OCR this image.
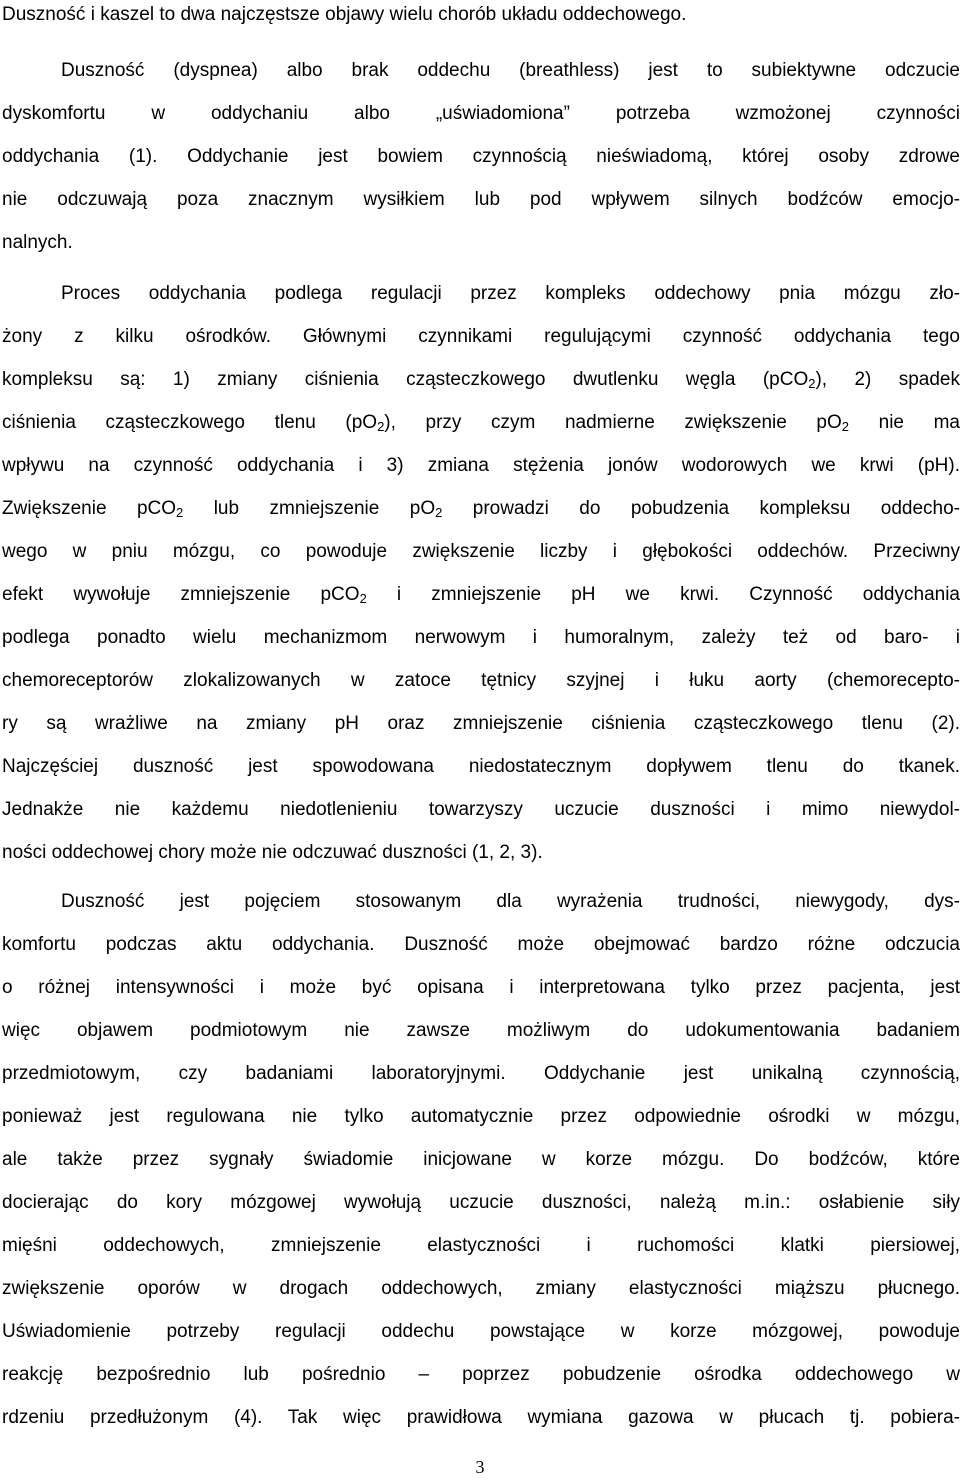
Duszność i kaszel to dwa najczęstsze objawy wielu chorób układu oddechowego.
Duszność (dyspnea) albo brak oddechu (breathless) jest to subiektywne odczucie
dyskomfortu w oddychaniu albo „uświadomiona” potrzeba wzmożonej czynności
oddychania (1). Oddychanie jest bowiem czynnością nieświadomą, której osoby zdrowe
nie odczuwają poza znacznym wysiłkiem lub pod wpływem silnych bodźców emocjo-
nalnych.
Proces oddychania podlega regulacji przez kompleks oddechowy pnia mózgu zło-
żony z kilku ośrodków. Głównymi czynnikami regulującymi czynność oddychania tego
kompleksu są: 1) zmiany ciśnienia cząsteczkowego dwutlenku węgla (pCO$_2$), 2) spadek
ciśnienia cząsteczkowego tlenu $(pO_2)$, przy czym nadmierne zwiększenie $pO_2$ nie ma
wpływu na czynność oddychania i 3) zmiana stężenia jonów wodorowych we krwi (pH).
Zwiększenie pCO$_2$ lub zmniejszenie $pO_2$ prowadzi do pobudzenia kompleksu oddecho-
wego w pniu mózgu, co powoduje zwiększenie liczby i głębokości oddechów. Przeciwny
efekt wywołuje zmniejszenie pCO$_2$ i zmniejszenie pH we krwi. Czynność oddychania
podlega ponadto wielu mechanizmom nerwowym i humoralnym, zależy też od baro- i
chemoreceptorów zlokalizowanych w zatoce tętnicy szyjnej i łuku aorty (chemorecepto-
ry są wrażliwe na zmiany pH oraz zmniejszenie ciśnienia cząsteczkowego tlenu (2).
Najczęściej duszność jest spowodowana niedostatecznym dopływem tlenu do tkanek.
Jednakże nie każdemu niedotlenieniu towarzyszy uczucie duszności i mimo niewydol-
ności oddechowej chory może nie odczuwać duszności (1, 2, 3).
Duszność jest pojęciem stosowanym dla wyrażenia trudności, niewygody, dys-
komfortu podczas aktu oddychania. Duszność może obejmować bardzo różne odczucia
o różnej intensywności i może być opisana i interpretowana tylko przez pacjenta, jest
więc objawem podmiotowym nie zawsze możliwym do udokumentowania badaniem
przedmiotowym, czy badaniami laboratoryjnymi. Oddychanie jest unikalną czynnością,
ponieważ jest regulowana nie tylko automatycznie przez odpowiednie ośrodki w mózgu,
ale także przez sygnały świadomie inicjowane w korze mózgu. Do bodźców, które
docierając do kory mózgowej wywołują uczucie duszności, należą m.in.: osłabienie siły
mięśni oddechowych, zmniejszenie elastyczności i ruchomości klatki piersiowej,
zwiększenie oporów w drogach oddechowych, zmiany elastyczności miąższu płucnego.
Uświadomienie potrzeby regulacji oddechu powstające w korze mózgowej, powoduje
reakcję bezpośrednio lub pośrednio – poprzez pobudzenie ośrodka oddechowego w
rdzeniu przedłużonym (4). Tak więc prawidłowa wymiana gazowa w płucach tj. pobiera-
3
